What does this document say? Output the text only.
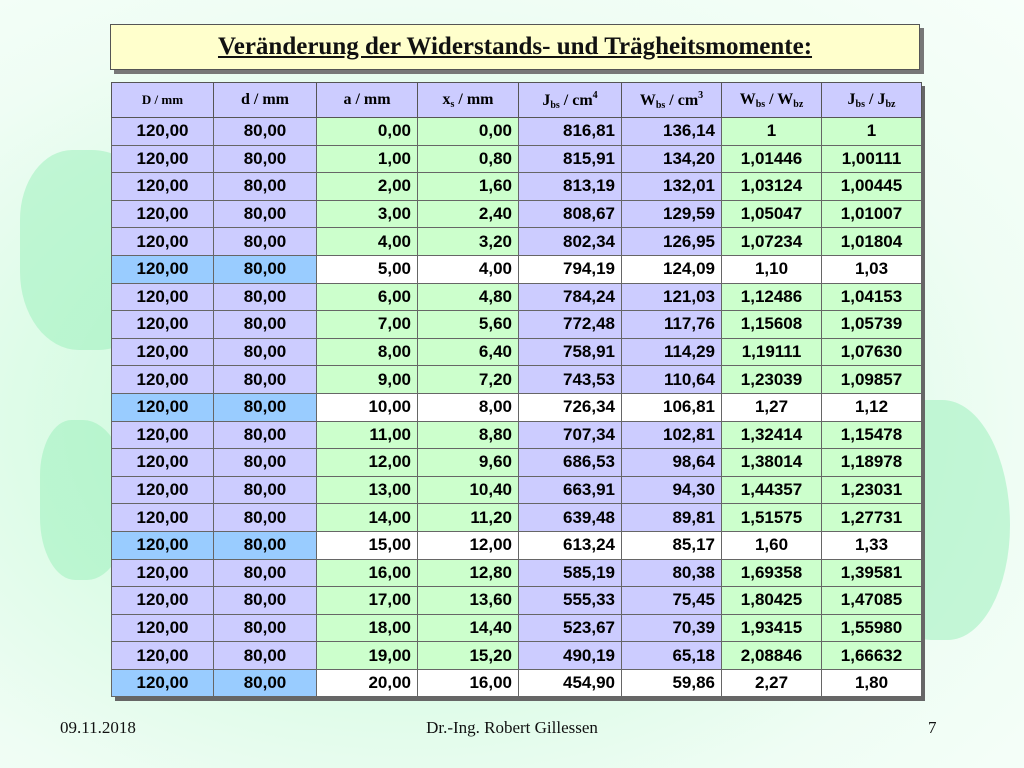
Veränderung der Widerstands- und Trägheitsmomente:
D / mm	d / mm	a / mm	$x_s$ / mm	$J_{bs} / cm^4$	$W_{bs} / cm^3$	$W_{bs} / W_{bz}$	$J_{bs} / J_{bz}$
120,00	80,00	0,00	0,00	816,81	136,14	1	1
120,00	80,00	1,00	0,80	815,91	134,20	1,01446	1,00111
120,00	80,00	2,00	1,60	813,19	132,01	1,03124	1,00445
120,00	80,00	3,00	2,40	808,67	129,59	1,05047	1,01007
120,00	80,00	4,00	3,20	802,34	126,95	1,07234	1,01804
120,00	80,00	5,00	4,00	794,19	124,09	1,10	1,03
120,00	80,00	6,00	4,80	784,24	121,03	1,12486	1,04153
120,00	80,00	7,00	5,60	772,48	117,76	1,15608	1,05739
120,00	80,00	8,00	6,40	758,91	114,29	1,19111	1,07630
120,00	80,00	9,00	7,20	743,53	110,64	1,23039	1,09857
120,00	80,00	10,00	8,00	726,34	106,81	1,27	1,12
120,00	80,00	11,00	8,80	707,34	102,81	1,32414	1,15478
120,00	80,00	12,00	9,60	686,53	98,64	1,38014	1,18978
120,00	80,00	13,00	10,40	663,91	94,30	1,44357	1,23031
120,00	80,00	14,00	11,20	639,48	89,81	1,51575	1,27731
120,00	80,00	15,00	12,00	613,24	85,17	1,60	1,33
120,00	80,00	16,00	12,80	585,19	80,38	1,69358	1,39581
120,00	80,00	17,00	13,60	555,33	75,45	1,80425	1,47085
120,00	80,00	18,00	14,40	523,67	70,39	1,93415	1,55980
120,00	80,00	19,00	15,20	490,19	65,18	2,08846	1,66632
120,00	80,00	20,00	16,00	454,90	59,86	2,27	1,80
09.11.2018	Dr.-Ing. Robert Gillessen	7
